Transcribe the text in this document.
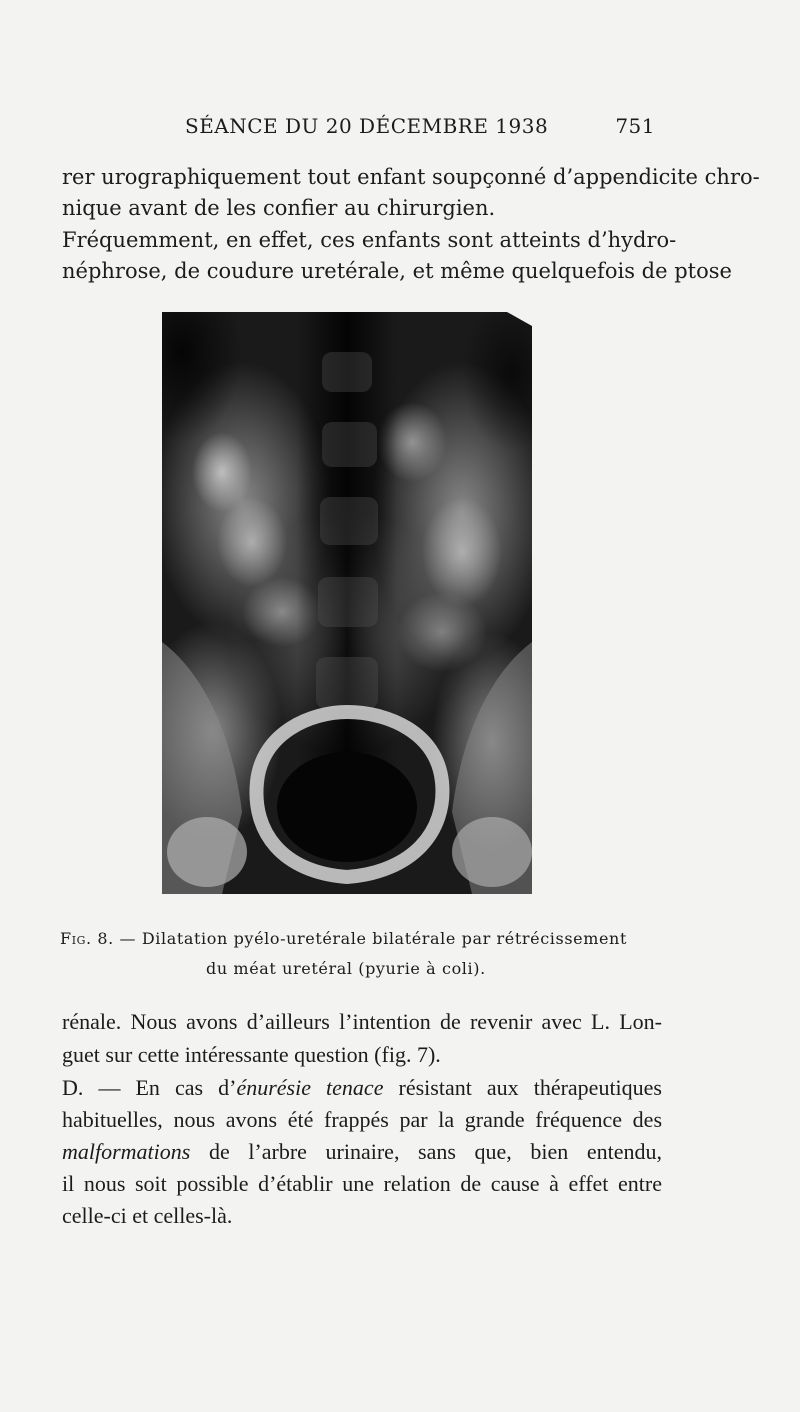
SÉANCE DU 20 DÉCEMBRE 1938	751
rer urographiquement tout enfant soupçonné d’appendicite chro-
nique avant de les confier au chirurgien.
Fréquemment, en effet, ces enfants sont atteints d’hydro-
néphrose, de coudure uretérale, et même quelquefois de ptose
Fig. 8. — Dilatation pyélo-uretérale bilatérale par rétrécissement
du méat uretéral (pyurie à coli).
rénale. Nous avons d’ailleurs l’intention de revenir avec L. Lon-
guet sur cette intéressante question (fig. 7).
D. — En cas d’énurésie tenace résistant aux thérapeutiques
habituelles, nous avons été frappés par la grande fréquence des
malformations de l’arbre urinaire, sans que, bien entendu,
il nous soit possible d’établir une relation de cause à effet entre
celle-ci et celles-là.
